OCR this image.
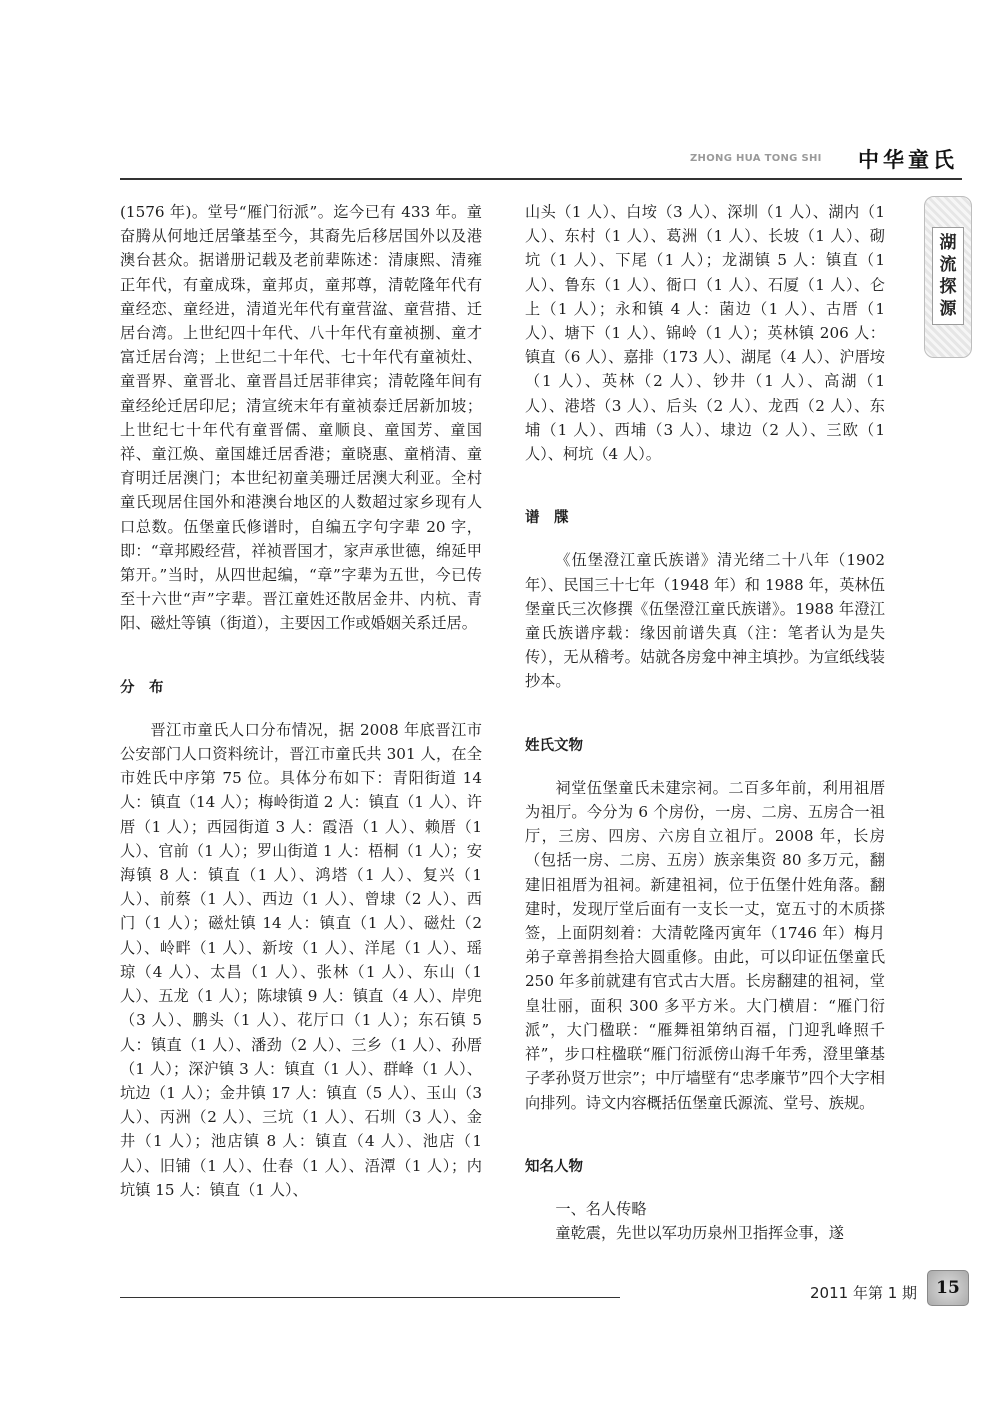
ZHONG HUA TONG SHI 中华童氏
湖
流
探
源

(1576 年)。堂号“雁门衍派”。迄今已有 433 年。童奋腾从何地迁居肇基至今，其裔先后移居国外以及港澳台甚众。据谱册记载及老前辈陈述：清康熙、清雍正年代，有童成珠，童邦贞，童邦尊，清乾隆年代有童经恋、童经进，清道光年代有童营湓、童营措、迁居台湾。上世纪四十年代、八十年代有童祯捌、童才富迁居台湾；上世纪二十年代、七十年代有童祯灶、童晋界、童晋北、童晋昌迁居菲律宾；清乾隆年间有童经纶迁居印尼；清宣统末年有童祯泰迁居新加坡；上世纪七十年代有童晋儒、童顺良、童国芳、童国祥、童江焕、童国雄迁居香港；童晓惠、童梢清、童育明迁居澳门；本世纪初童美珊迁居澳大利亚。全村童氏现居住国外和港澳台地区的人数超过家乡现有人口总数。伍堡童氏修谱时，自编五字句字辈 20 字，即：“章邦殿经营，祥祯晋国才，家声承世德，绵延甲第开。”当时，从四世起编，“章”字辈为五世，今已传至十六世“声”字辈。晋江童姓还散居金井、内杭、青阳、磁灶等镇（街道），主要因工作或婚姻关系迁居。

分　布

晋江市童氏人口分布情况，据 2008 年底晋江市公安部门人口资料统计，晋江市童氏共 301 人，在全市姓氏中序第 75 位。具体分布如下：青阳街道 14 人：镇直（14 人）；梅岭街道 2 人：镇直（1 人）、许厝（1 人）；西园街道 3 人：霞浯（1 人）、赖厝（1 人）、官前（1 人）；罗山街道 1 人：梧桐（1 人）；安海镇 8 人：镇直（1 人）、鸿塔（1 人）、复兴（1 人）、前蔡（1 人）、西边（1 人）、曾埭（2 人）、西门（1 人）；磁灶镇 14 人：镇直（1 人）、磁灶（2 人）、岭畔（1 人）、新垵（1 人）、洋尾（1 人）、瑶琼（4 人）、太昌（1 人）、张林（1 人）、东山（1 人）、五龙（1 人）；陈埭镇 9 人：镇直（4 人）、岸兜（3 人）、鹏头（1 人）、花厅口（1 人）；东石镇 5 人：镇直（1 人）、潘劲（2 人）、三乡（1 人）、孙厝（1 人）；深沪镇 3 人：镇直（1 人）、群峰（1 人）、坑边（1 人）；金井镇 17 人：镇直（5 人）、玉山（3 人）、丙洲（2 人）、三坑（1 人）、石圳（3 人）、金井（1 人）；池店镇 8 人：镇直（4 人）、池店（1 人）、旧铺（1 人）、仕春（1 人）、浯潭（1 人）；内坑镇 15 人：镇直（1 人）、

山头（1 人）、白垵（3 人）、深圳（1 人）、湖内（1 人）、东村（1 人）、葛洲（1 人）、长坡（1 人）、砌坑（1 人）、下尾（1 人）；龙湖镇 5 人：镇直（1 人）、鲁东（1 人）、衙口（1 人）、石厦（1 人）、仑上（1 人）；永和镇 4 人：菌边（1 人）、古厝（1 人）、塘下（1 人）、锦岭（1 人）；英林镇 206 人：镇直（6 人）、嘉排（173 人）、湖尾（4 人）、沪厝垵（1 人）、英林（2 人）、钞井（1 人）、高湖（1 人）、港塔（3 人）、后头（2 人）、龙西（2 人）、东埔（1 人）、西埔（3 人）、埭边（2 人）、三欧（1 人）、柯坑（4 人）。

谱　牒

《伍堡澄江童氏族谱》清光绪二十八年（1902 年）、民国三十七年（1948 年）和 1988 年，英林伍堡童氏三次修撰《伍堡澄江童氏族谱》。1988 年澄江童氏族谱序载：缘因前谱失真（注：笔者认为是失传），无从稽考。姑就各房龛中神主填抄。为宣纸线装抄本。

姓氏文物

祠堂伍堡童氏未建宗祠。二百多年前，利用祖厝为祖厅。今分为 6 个房份，一房、二房、五房合一祖厅，三房、四房、六房自立祖厅。2008 年，长房（包括一房、二房、五房）族亲集资 80 多万元，翻建旧祖厝为祖祠。新建祖祠，位于伍堡什姓角落。翻建时，发现厅堂后面有一支长一丈，宽五寸的木质搽签，上面阴刻着：大清乾隆丙寅年（1746 年）梅月弟子章善捐叁拾大圆重修。由此，可以印证伍堡童氏 250 年多前就建有官式古大厝。长房翻建的祖祠，堂皇壮丽，面积 300 多平方米。大门横眉：“雁门衍派”，大门楹联：“雁舞祖第纳百福，门迎乳峰照千祥”，步口柱楹联“雁门衍派傍山海千年秀，澄里肇基子孝孙贤万世宗”；中厅墙壁有“忠孝廉节”四个大字相向排列。诗文内容概括伍堡童氏源流、堂号、族规。

知名人物

一、名人传略

童乾震，先世以军功历泉州卫指挥佥事，遂

2011 年第 1 期 15
